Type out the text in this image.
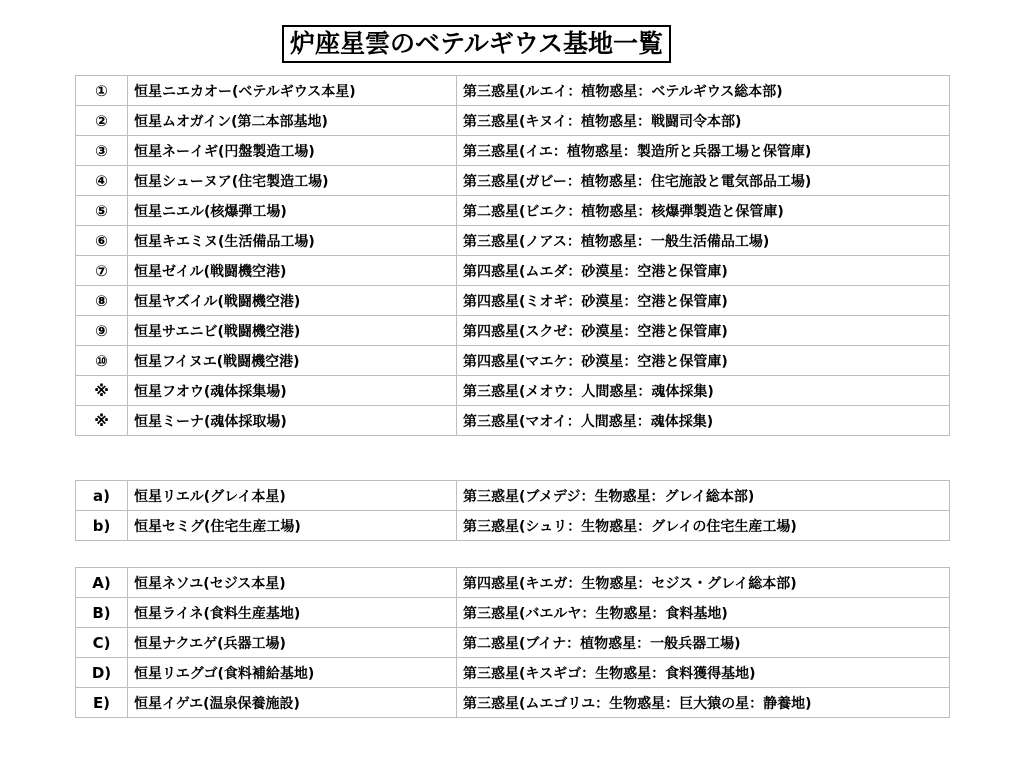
炉座星雲のベテルギウス基地一覧
①	恒星ニエカオー(ベテルギウス本星)	第三惑星(ルエイ：植物惑星：ベテルギウス総本部)
②	恒星ムオガイン(第二本部基地)	第三惑星(キヌイ：植物惑星：戦闘司令本部)
③	恒星ネーイギ(円盤製造工場)	第三惑星(イエ：植物惑星：製造所と兵器工場と保管庫)
④	恒星シューヌア(住宅製造工場)	第三惑星(ガビー：植物惑星：住宅施設と電気部品工場)
⑤	恒星ニエル(核爆弾工場)	第二惑星(ビエク：植物惑星：核爆弾製造と保管庫)
⑥	恒星キエミヌ(生活備品工場)	第三惑星(ノアス：植物惑星：一般生活備品工場)
⑦	恒星ゼイル(戦闘機空港)	第四惑星(ムエダ：砂漠星：空港と保管庫)
⑧	恒星ヤズイル(戦闘機空港)	第四惑星(ミオギ：砂漠星：空港と保管庫)
⑨	恒星サエニビ(戦闘機空港)	第四惑星(スクゼ：砂漠星：空港と保管庫)
⑩	恒星フイヌエ(戦闘機空港)	第四惑星(マエケ：砂漠星：空港と保管庫)
※	恒星フオウ(魂体採集場)	第三惑星(メオウ：人間惑星：魂体採集)
※	恒星ミーナ(魂体採取場)	第三惑星(マオイ：人間惑星：魂体採集)
a)	恒星リエル(グレイ本星)	第三惑星(ブメデジ：生物惑星：グレイ総本部)
b)	恒星セミグ(住宅生産工場)	第三惑星(シュリ：生物惑星：グレイの住宅生産工場)
A)	恒星ネソユ(セジス本星)	第四惑星(キエガ：生物惑星：セジス・グレイ総本部)
B)	恒星ライネ(食料生産基地)	第三惑星(バエルヤ：生物惑星：食料基地)
C)	恒星ナクエゲ(兵器工場)	第二惑星(ブイナ：植物惑星：一般兵器工場)
D)	恒星リエグゴ(食料補給基地)	第三惑星(キスギゴ：生物惑星：食料獲得基地)
E)	恒星イゲエ(温泉保養施設)	第三惑星(ムエゴリユ：生物惑星：巨大猿の星：静養地)
